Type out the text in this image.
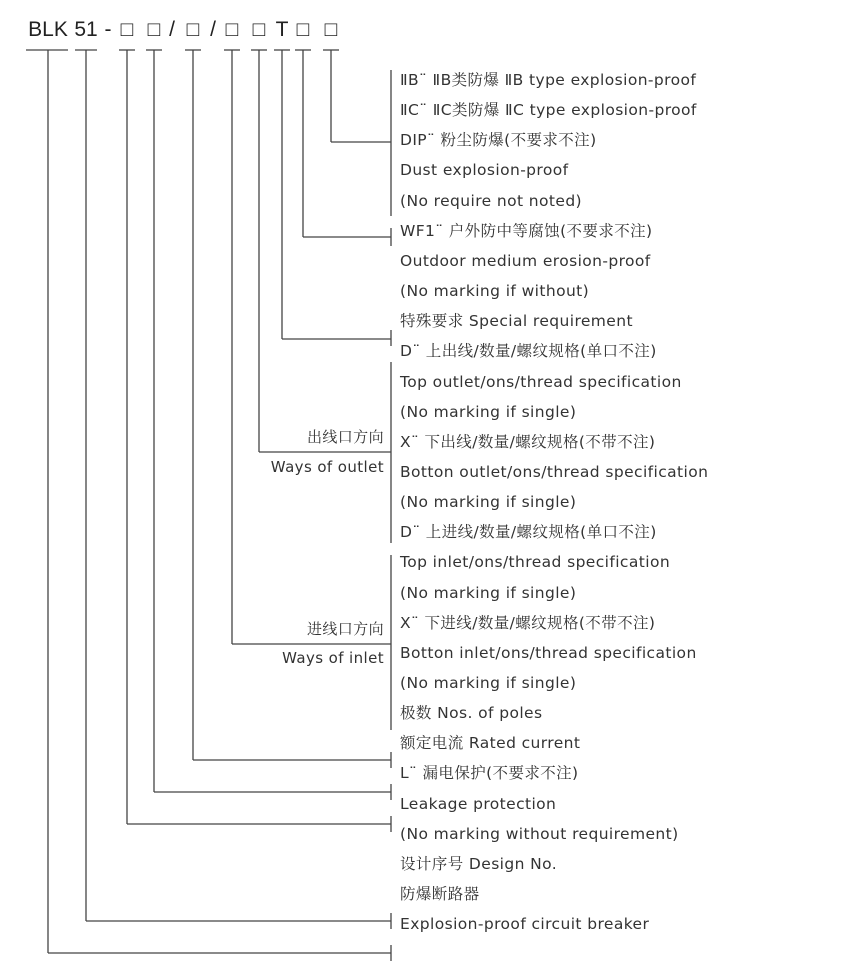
BLK 51 - □ □ / □ / □ □ T □ □
ⅡB¨ ⅡB类防爆 ⅡB type explosion-proof
ⅡC¨ ⅡC类防爆 ⅡC type explosion-proof
DIP¨ 粉尘防爆(不要求不注)
Dust explosion-proof
(No require not noted)
WF1¨ 户外防中等腐蚀(不要求不注)
Outdoor medium erosion-proof
(No marking if without)
特殊要求 Special requirement
D¨ 上出线/数量/螺纹规格(单口不注)
Top outlet/ons/thread specification
(No marking if single)
X¨ 下出线/数量/螺纹规格(不带不注)
Botton outlet/ons/thread specification
(No marking if single)
D¨ 上进线/数量/螺纹规格(单口不注)
Top inlet/ons/thread specification
(No marking if single)
X¨ 下进线/数量/螺纹规格(不带不注)
Botton inlet/ons/thread specification
(No marking if single)
极数 Nos. of poles
额定电流 Rated current
L¨ 漏电保护(不要求不注)
Leakage protection
(No marking without requirement)
设计序号 Design No.
防爆断路器
Explosion-proof circuit breaker
出线口方向
Ways of outlet
进线口方向
Ways of inlet
